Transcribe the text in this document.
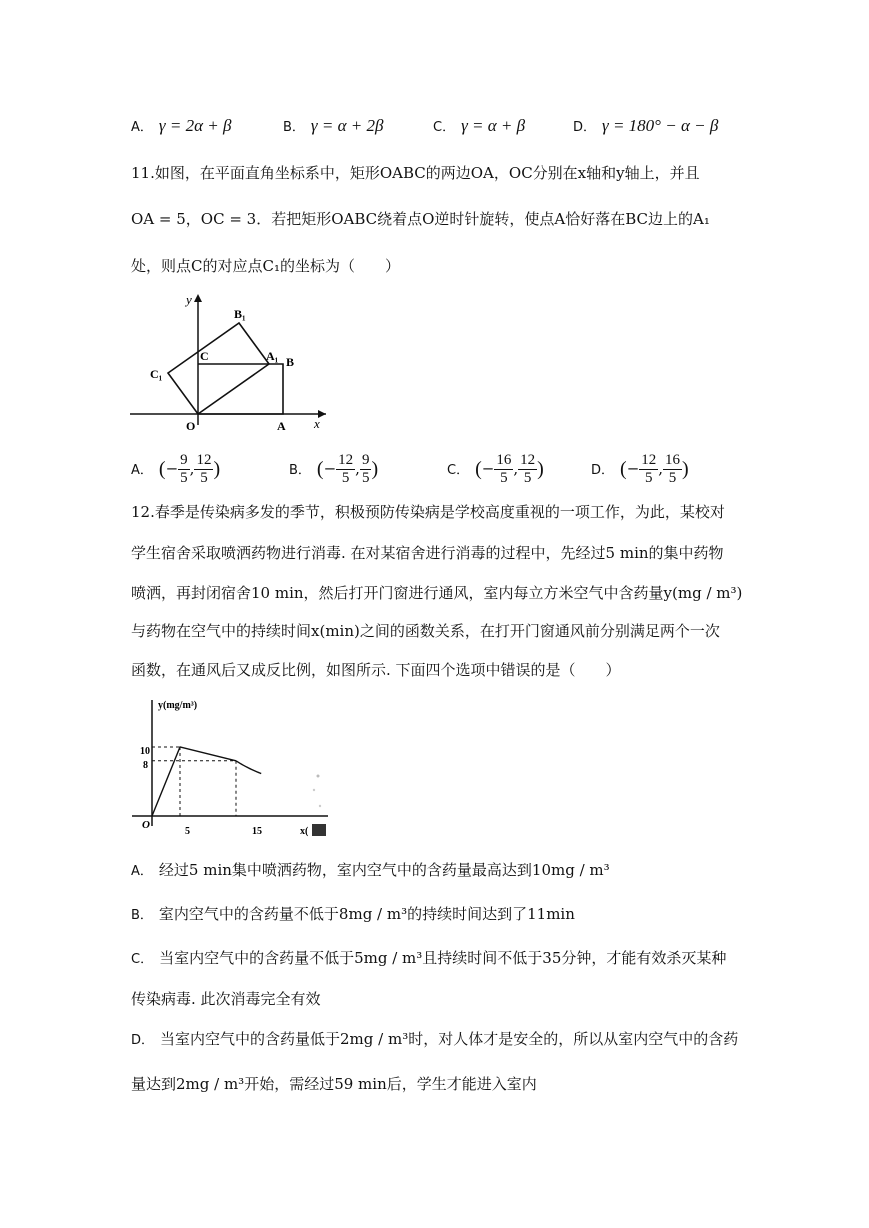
A． γ = 2α + β	B． γ = α + 2β	C． γ = α + β	D． γ = 180° − α − β
11.如图，在平面直角坐标系中，矩形OABC的两边OA，OC分别在x轴和y轴上，并且
OA = 5，OC = 3．若把矩形OABC绕着点O逆时针旋转，使点A恰好落在BC边上的A₁
处，则点C的对应点C₁的坐标为（　　）
y
x
O	A
B
C
C₁
A₁
B₁
A． (− $\frac{9}{5}$ , $\frac{12}{5}$ )	B． (− $\frac{12}{5}$ , $\frac{9}{5}$ )	C． (− $\frac{16}{5}$ , $\frac{12}{5}$ )	D． (− $\frac{12}{5}$ , $\frac{16}{5}$ )
12.春季是传染病多发的季节，积极预防传染病是学校高度重视的一项工作，为此，某校对
学生宿舍采取喷洒药物进行消毒. 在对某宿舍进行消毒的过程中，先经过5 min的集中药物
喷洒，再封闭宿舍10 min，然后打开门窗进行通风，室内每立方米空气中含药量y(mg / m³)
与药物在空气中的持续时间x(min)之间的函数关系，在打开门窗通风前分别满足两个一次
函数，在通风后又成反比例，如图所示. 下面四个选项中错误的是（　　）
y(mg/m³)
x(
O
10
8
5	15
A． 经过5 min集中喷洒药物，室内空气中的含药量最高达到10mg / m³
B． 室内空气中的含药量不低于8mg / m³的持续时间达到了11min
C． 当室内空气中的含药量不低于5mg / m³且持续时间不低于35分钟，才能有效杀灭某种
传染病毒. 此次消毒完全有效
D． 当室内空气中的含药量低于2mg / m³时，对人体才是安全的，所以从室内空气中的含药
量达到2mg / m³开始，需经过59 min后，学生才能进入室内
